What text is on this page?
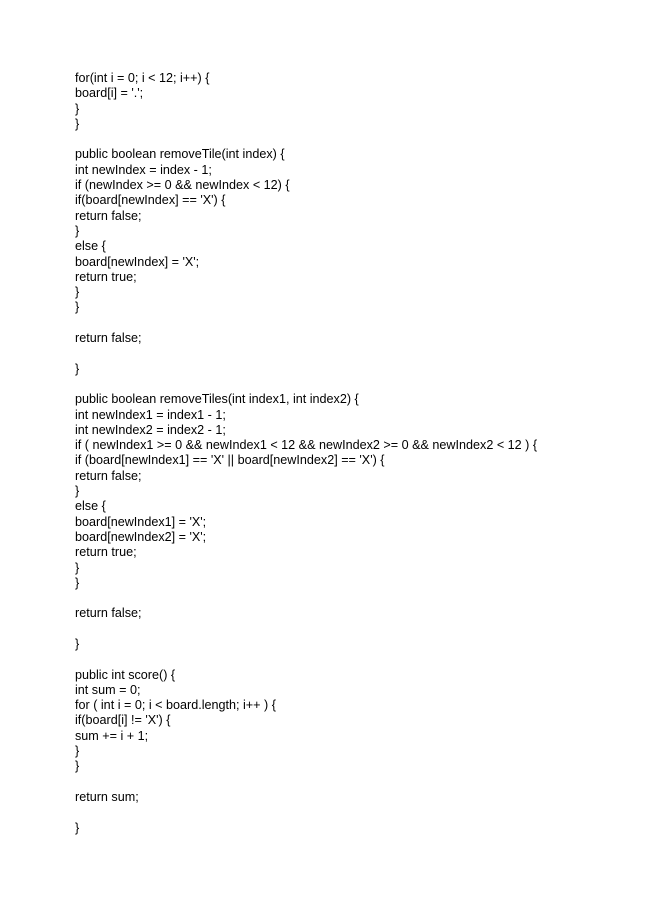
for(int i = 0; i < 12; i++) {
board[i] = '.';
}
}
public boolean removeTile(int index) {
int newIndex = index - 1;
if (newIndex >= 0 && newIndex < 12) {
if(board[newIndex] == 'X') {
return false;
}
else {
board[newIndex] = 'X';
return true;
}
}
return false;
}
public boolean removeTiles(int index1, int index2) {
int newIndex1 = index1 - 1;
int newIndex2 = index2 - 1;
if ( newIndex1 >= 0 && newIndex1 < 12 && newIndex2 >= 0 && newIndex2 < 12 ) {
if (board[newIndex1] == 'X' || board[newIndex2] == 'X') {
return false;
}
else {
board[newIndex1] = 'X';
board[newIndex2] = 'X';
return true;
}
}
return false;
}
public int score() {
int sum = 0;
for ( int i = 0; i < board.length; i++ ) {
if(board[i] != 'X') {
sum += i + 1;
}
}
return sum;
}
